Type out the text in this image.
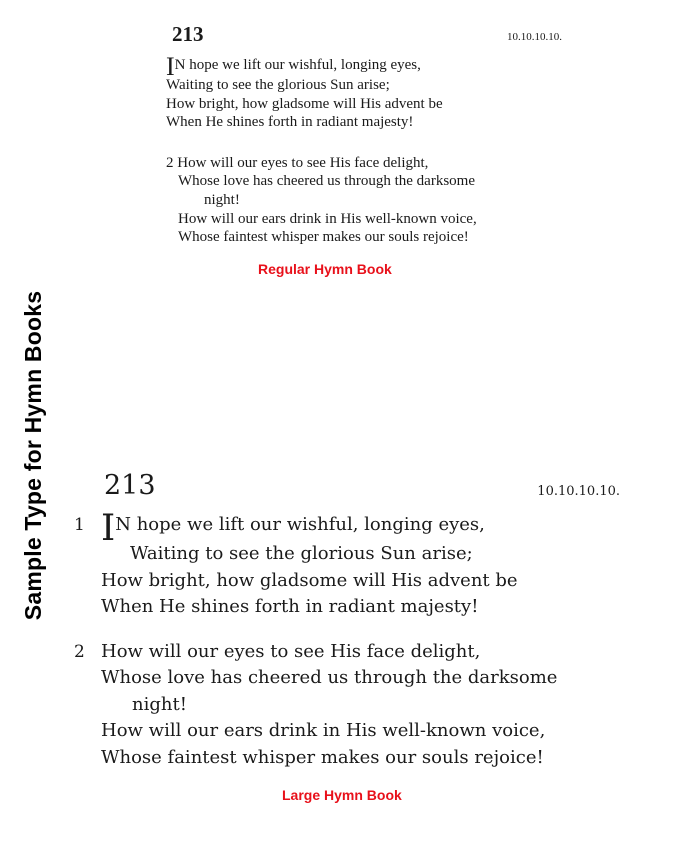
Sample Type for Hymn Books
213	10.10.10.10.
IN hope we lift our wishful, longing eyes,
Waiting to see the glorious Sun arise;
How bright, how gladsome will His advent be
When He shines forth in radiant majesty!
2 How will our eyes to see His face delight,
Whose love has cheered us through the darksome
night!
How will our ears drink in His well-known voice,
Whose faintest whisper makes our souls rejoice!
Regular Hymn Book
213	10.10.10.10.
1 IN hope we lift our wishful, longing eyes,
Waiting to see the glorious Sun arise;
How bright, how gladsome will His advent be
When He shines forth in radiant majesty!
2 How will our eyes to see His face delight,
Whose love has cheered us through the darksome
night!
How will our ears drink in His well-known voice,
Whose faintest whisper makes our souls rejoice!
Large Hymn Book
